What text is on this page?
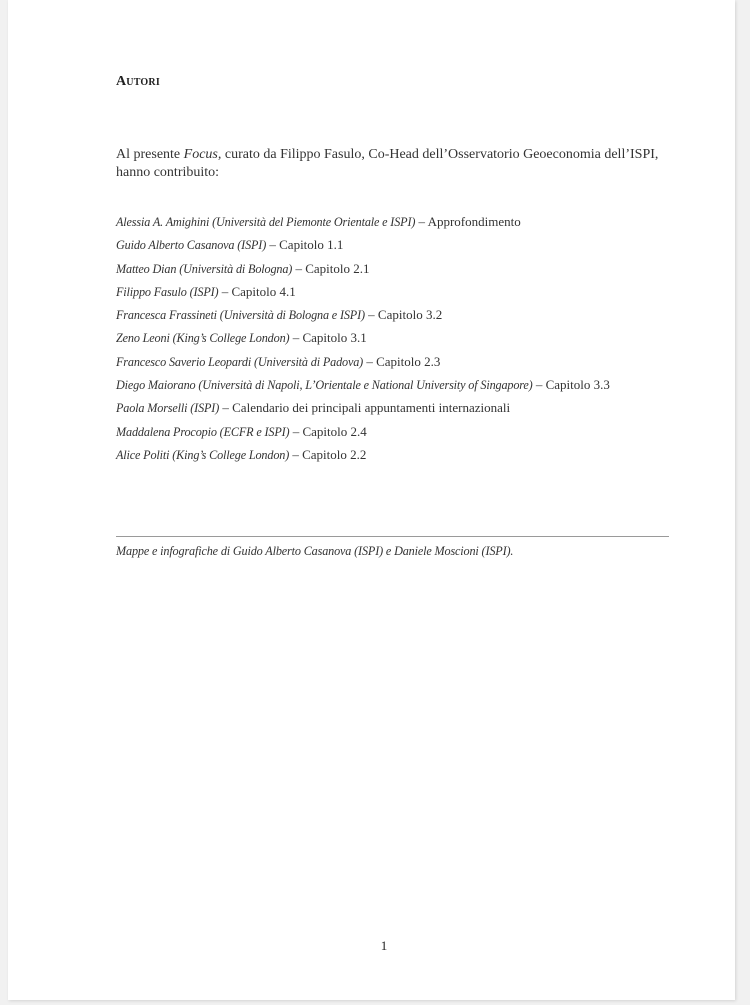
Autori

Al presente Focus, curato da Filippo Fasulo, Co-Head dell’Osservatorio Geoeconomia dell’ISPI, hanno contribuito:

Alessia A. Amighini (Università del Piemonte Orientale e ISPI) – Approfondimento
Guido Alberto Casanova (ISPI) – Capitolo 1.1
Matteo Dian (Università di Bologna) – Capitolo 2.1
Filippo Fasulo (ISPI) – Capitolo 4.1
Francesca Frassineti (Università di Bologna e ISPI) – Capitolo 3.2
Zeno Leoni (King’s College London) – Capitolo 3.1
Francesco Saverio Leopardi (Università di Padova) – Capitolo 2.3
Diego Maiorano (Università di Napoli, L’Orientale e National University of Singapore) – Capitolo 3.3
Paola Morselli (ISPI) – Calendario dei principali appuntamenti internazionali
Maddalena Procopio (ECFR e ISPI) – Capitolo 2.4
Alice Politi (King’s College London) – Capitolo 2.2
Mappe e infografiche di Guido Alberto Casanova (ISPI) e Daniele Moscioni (ISPI).
1
